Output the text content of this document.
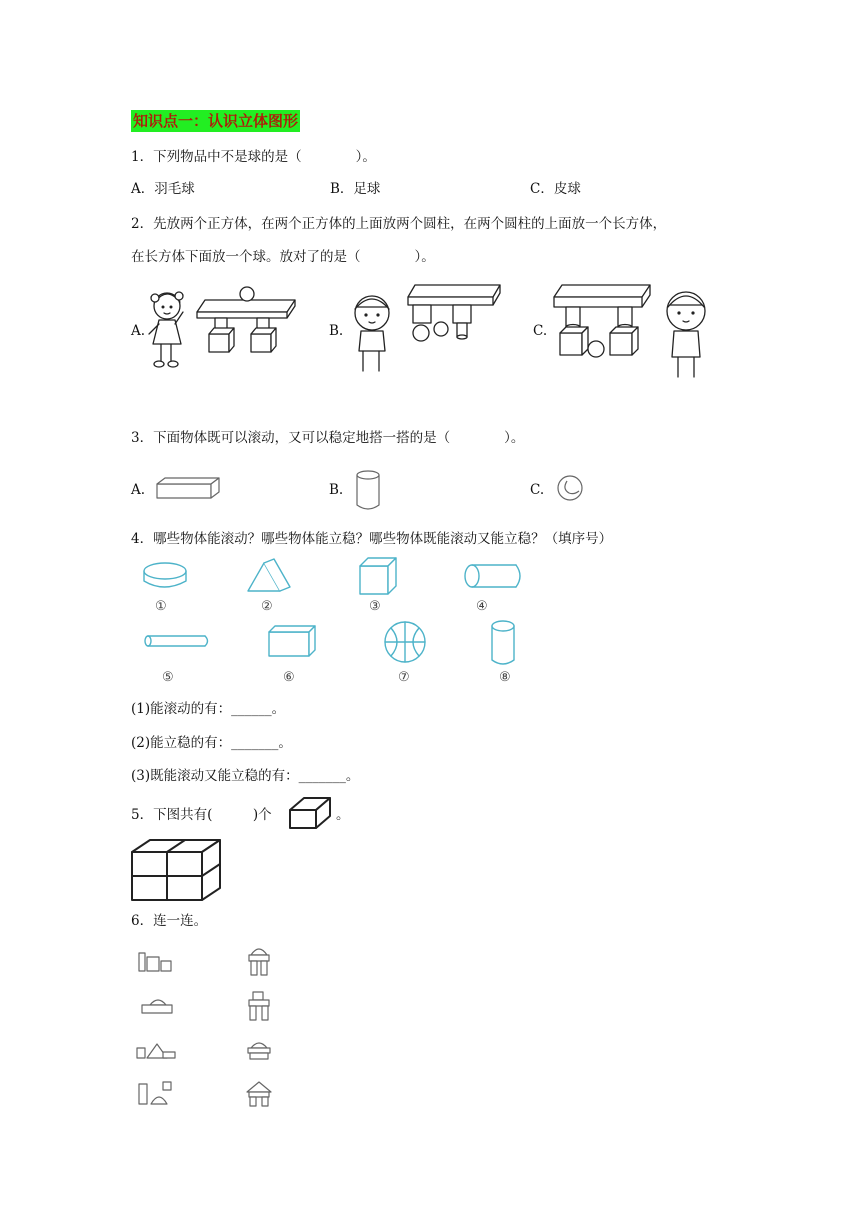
知识点一：认识立体图形
1．下列物品中不是球的是（　　　　）。
A．羽毛球	B．足球	C．皮球
2．先放两个正方体，在两个正方体的上面放两个圆柱，在两个圆柱的上面放一个长方体，
在长方体下面放一个球。放对了的是（　　　　）。
A.	B.	C.
3．下面物体既可以滚动，又可以稳定地搭一搭的是（　　　　）。
A.	B.	C.
4．哪些物体能滚动？哪些物体能立稳？哪些物体既能滚动又能立稳？（填序号）
①	②	③	④
⑤	⑥	⑦	⑧
(1)能滚动的有：______。
(2)能立稳的有：_______。
(3)既能滚动又能立稳的有：_______。
5．下图共有(　　　)个	。
6．连一连。
